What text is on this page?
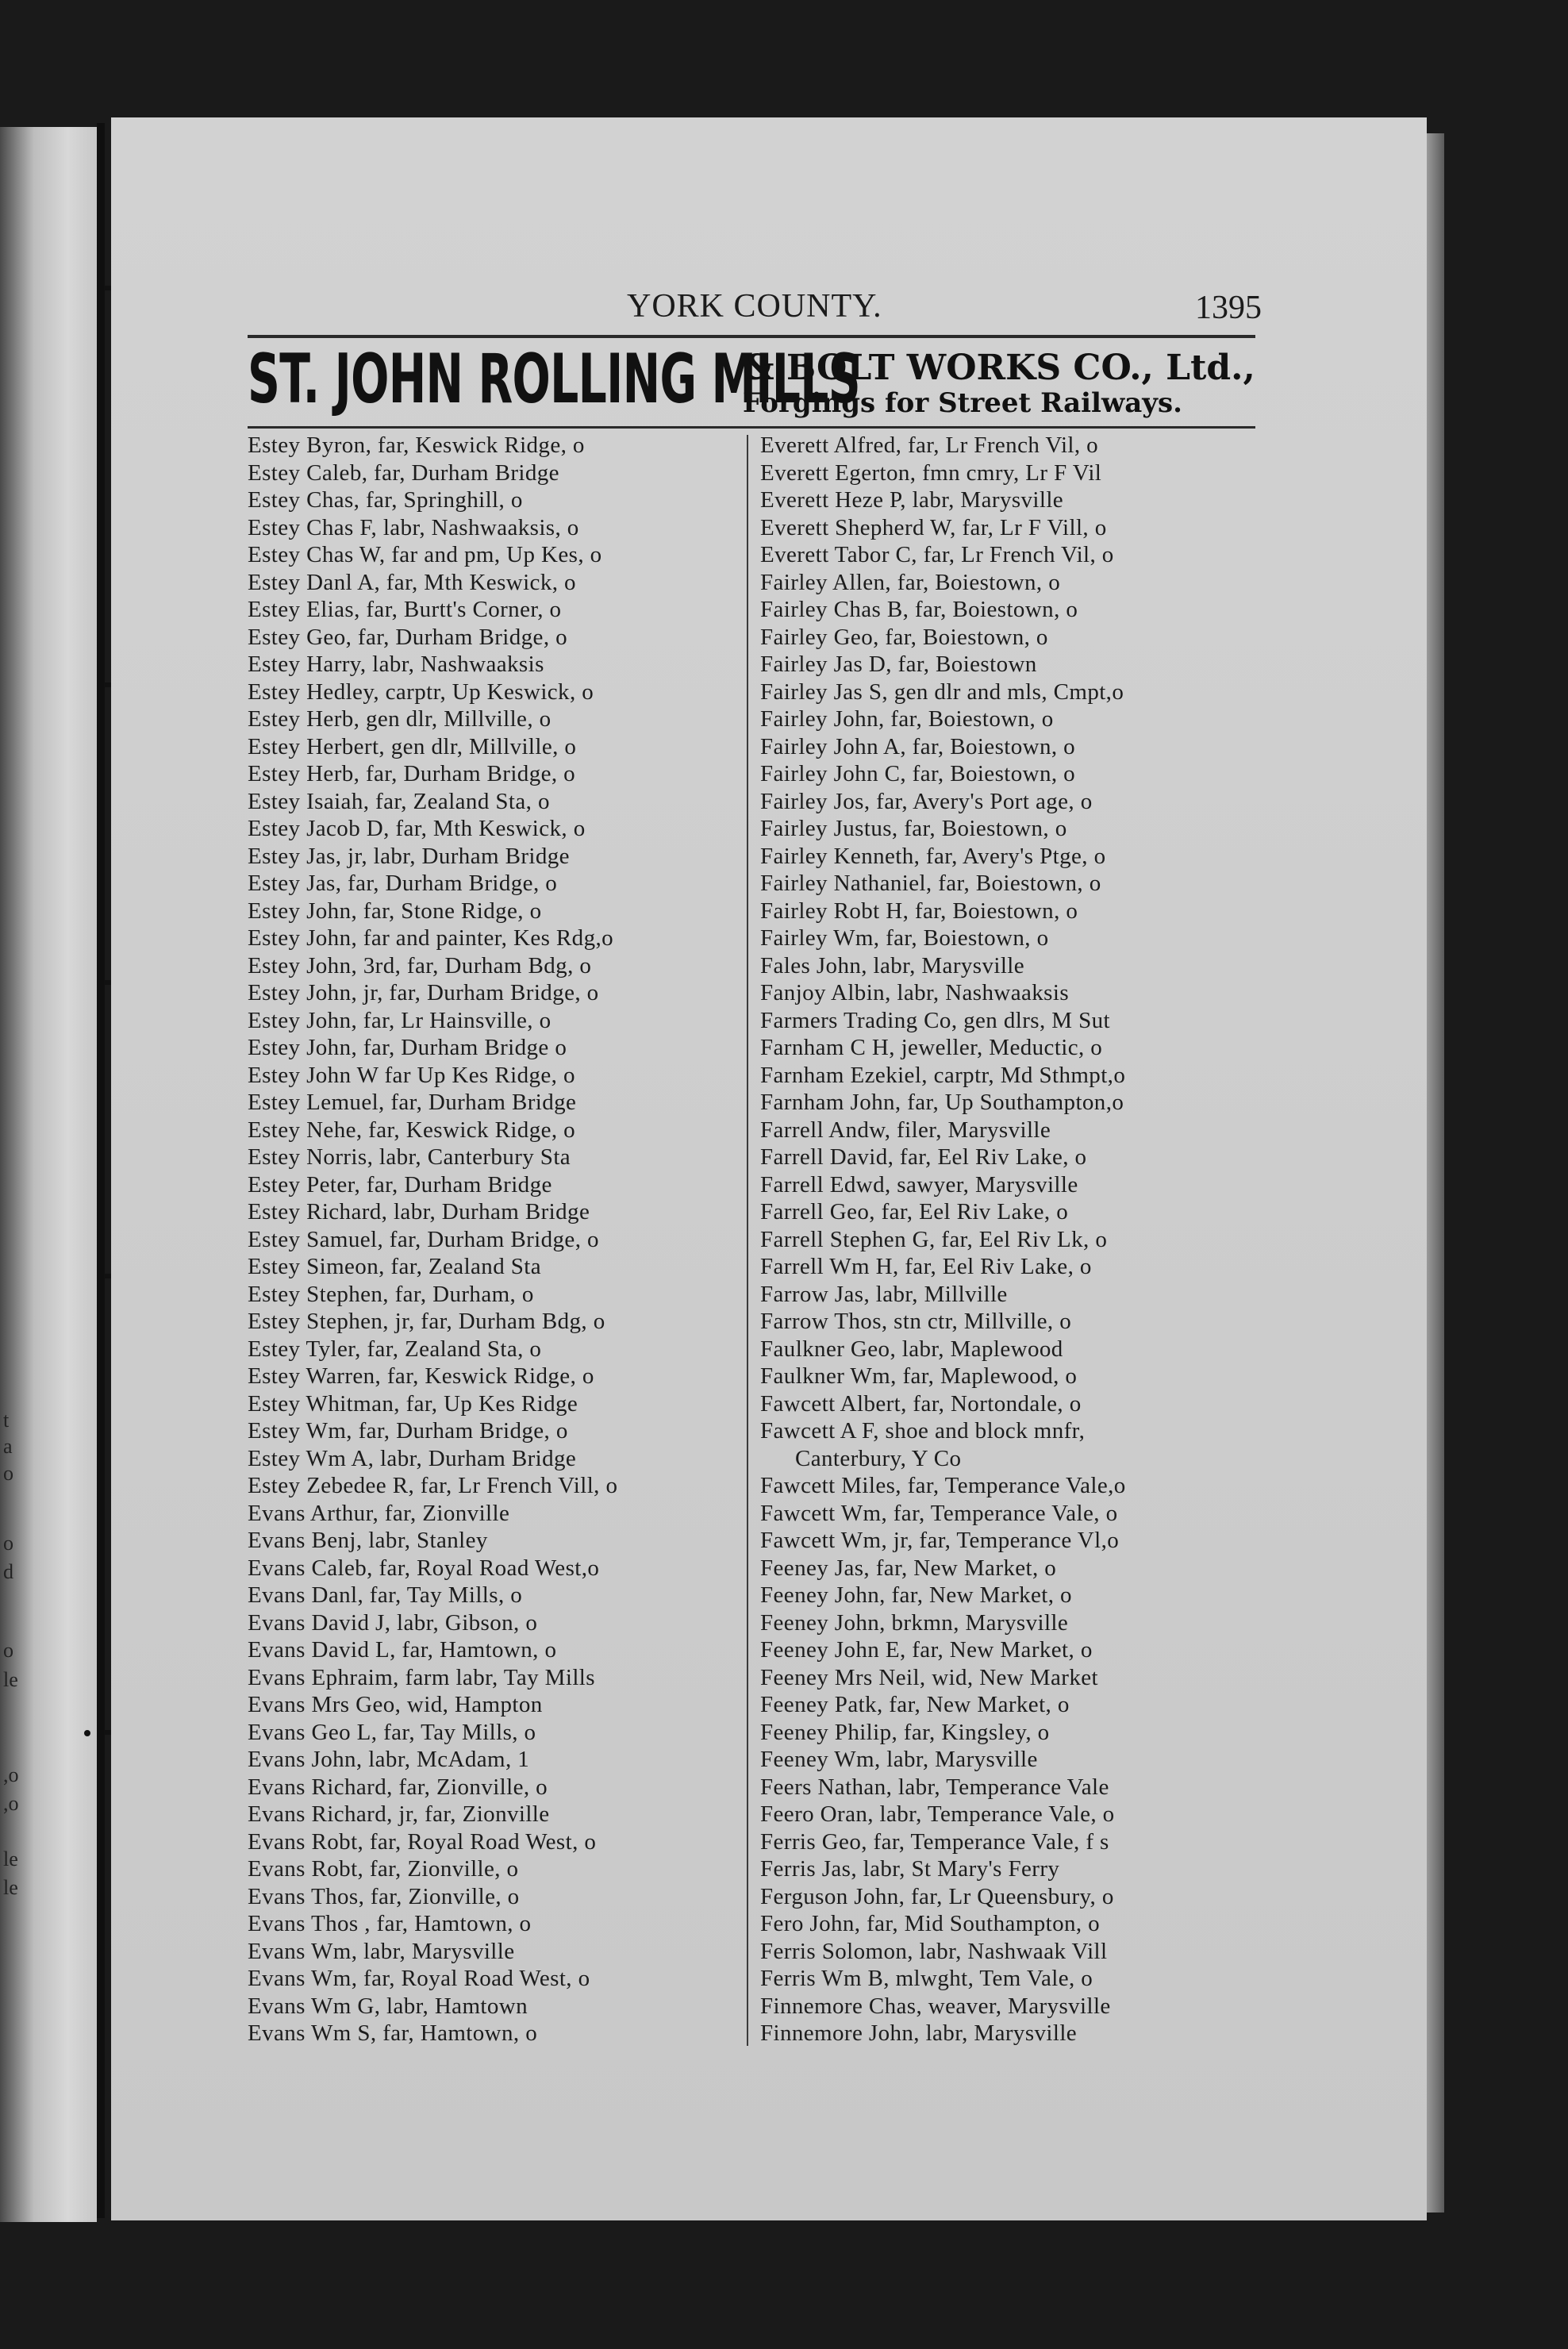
t
a
o
o
d
o
le
,o
,o
le
le
YORK COUNTY.	1395
ST. JOHN ROLLING MILLS
& BOLT WORKS CO., Ltd.,
Forgings for Street Railways.
Estey Byron, far, Keswick Ridge, o
Estey Caleb, far, Durham Bridge
Estey Chas, far, Springhill, o
Estey Chas F, labr, Nashwaaksis, o
Estey Chas W, far and pm, Up Kes, o
Estey Danl A, far, Mth Keswick, o
Estey Elias, far, Burtt's Corner, o
Estey Geo, far, Durham Bridge, o
Estey Harry, labr, Nashwaaksis
Estey Hedley, carptr, Up Keswick, o
Estey Herb, gen dlr, Millville, o
Estey Herbert, gen dlr, Millville, o
Estey Herb, far, Durham Bridge, o
Estey Isaiah, far, Zealand Sta, o
Estey Jacob D, far, Mth Keswick, o
Estey Jas, jr, labr, Durham Bridge
Estey Jas, far, Durham Bridge, o
Estey John, far, Stone Ridge, o
Estey John, far and painter, Kes Rdg,o
Estey John, 3rd, far, Durham Bdg, o
Estey John, jr, far, Durham Bridge, o
Estey John, far, Lr Hainsville, o
Estey John, far, Durham Bridge o
Estey John W far Up Kes Ridge, o
Estey Lemuel, far, Durham Bridge
Estey Nehe, far, Keswick Ridge, o
Estey Norris, labr, Canterbury Sta
Estey Peter, far, Durham Bridge
Estey Richard, labr, Durham Bridge
Estey Samuel, far, Durham Bridge, o
Estey Simeon, far, Zealand Sta
Estey Stephen, far, Durham, o
Estey Stephen, jr, far, Durham Bdg, o
Estey Tyler, far, Zealand Sta, o
Estey Warren, far, Keswick Ridge, o
Estey Whitman, far, Up Kes Ridge
Estey Wm, far, Durham Bridge, o
Estey Wm A, labr, Durham Bridge
Estey Zebedee R, far, Lr French Vill, o
Evans Arthur, far, Zionville
Evans Benj, labr, Stanley
Evans Caleb, far, Royal Road West,o
Evans Danl, far, Tay Mills, o
Evans David J, labr, Gibson, o
Evans David L, far, Hamtown, o
Evans Ephraim, farm labr, Tay Mills
Evans Mrs Geo, wid, Hampton
Evans Geo L, far, Tay Mills, o
Evans John, labr, McAdam, 1
Evans Richard, far, Zionville, o
Evans Richard, jr, far, Zionville
Evans Robt, far, Royal Road West, o
Evans Robt, far, Zionville, o
Evans Thos, far, Zionville, o
Evans Thos , far, Hamtown, o
Evans Wm, labr, Marysville
Evans Wm, far, Royal Road West, o
Evans Wm G, labr, Hamtown
Evans Wm S, far, Hamtown, o
Everett Alfred, far, Lr French Vil, o
Everett Egerton, fmn cmry, Lr F Vil
Everett Heze P, labr, Marysville
Everett Shepherd W, far, Lr F Vill, o
Everett Tabor C, far, Lr French Vil, o
Fairley Allen, far, Boiestown, o
Fairley Chas B, far, Boiestown, o
Fairley Geo, far, Boiestown, o
Fairley Jas D, far, Boiestown
Fairley Jas S, gen dlr and mls, Cmpt,o
Fairley John, far, Boiestown, o
Fairley John A, far, Boiestown, o
Fairley John C, far, Boiestown, o
Fairley Jos, far, Avery's Port age, o
Fairley Justus, far, Boiestown, o
Fairley Kenneth, far, Avery's Ptge, o
Fairley Nathaniel, far, Boiestown, o
Fairley Robt H, far, Boiestown, o
Fairley Wm, far, Boiestown, o
Fales John, labr, Marysville
Fanjoy Albin, labr, Nashwaaksis
Farmers Trading Co, gen dlrs, M Sut
Farnham C H, jeweller, Meductic, o
Farnham Ezekiel, carptr, Md Sthmpt,o
Farnham John, far, Up Southampton,o
Farrell Andw, filer, Marysville
Farrell David, far, Eel Riv Lake, o
Farrell Edwd, sawyer, Marysville
Farrell Geo, far, Eel Riv Lake, o
Farrell Stephen G, far, Eel Riv Lk, o
Farrell Wm H, far, Eel Riv Lake, o
Farrow Jas, labr, Millville
Farrow Thos, stn ctr, Millville, o
Faulkner Geo, labr, Maplewood
Faulkner Wm, far, Maplewood, o
Fawcett Albert, far, Nortondale, o
Fawcett A F, shoe and block mnfr,
Canterbury, Y Co
Fawcett Miles, far, Temperance Vale,o
Fawcett Wm, far, Temperance Vale, o
Fawcett Wm, jr, far, Temperance Vl,o
Feeney Jas, far, New Market, o
Feeney John, far, New Market, o
Feeney John, brkmn, Marysville
Feeney John E, far, New Market, o
Feeney Mrs Neil, wid, New Market
Feeney Patk, far, New Market, o
Feeney Philip, far, Kingsley, o
Feeney Wm, labr, Marysville
Feers Nathan, labr, Temperance Vale
Feero Oran, labr, Temperance Vale, o
Ferris Geo, far, Temperance Vale, f s
Ferris Jas, labr, St Mary's Ferry
Ferguson John, far, Lr Queensbury, o
Fero John, far, Mid Southampton, o
Ferris Solomon, labr, Nashwaak Vill
Ferris Wm B, mlwght, Tem Vale, o
Finnemore Chas, weaver, Marysville
Finnemore John, labr, Marysville
